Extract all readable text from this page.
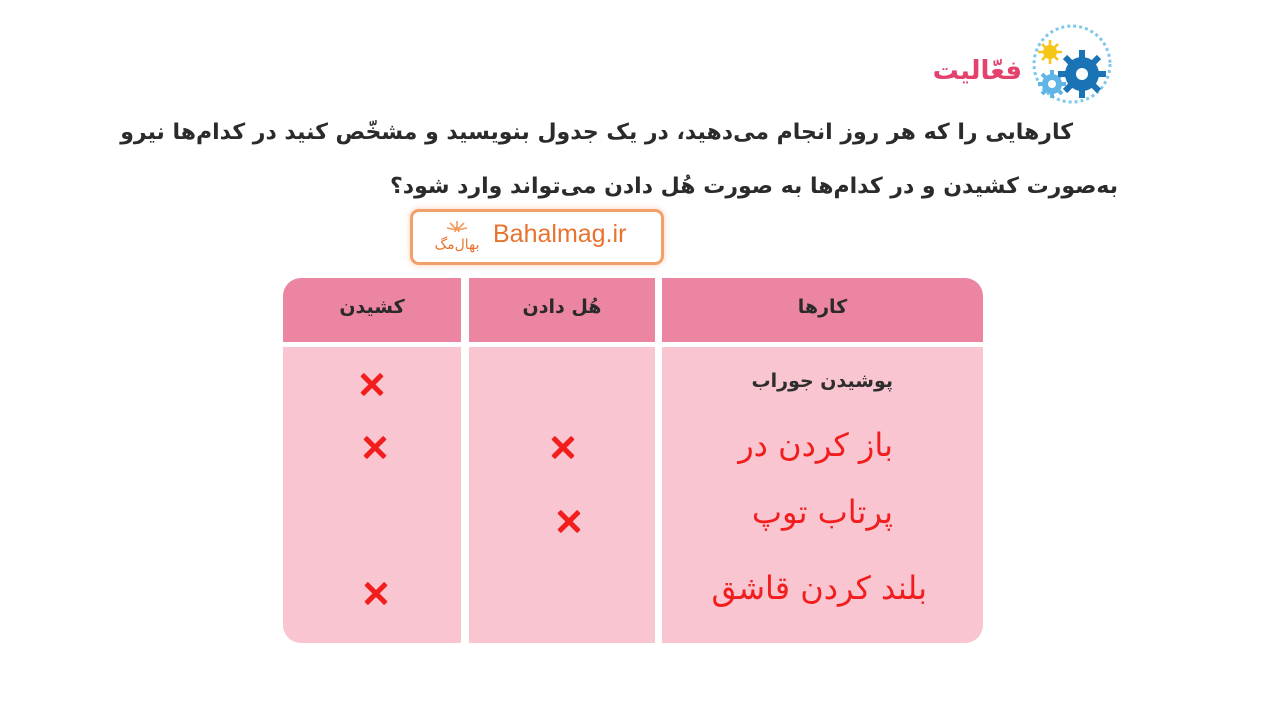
فعّالیت
کارهایی را که هر روز انجام می‌دهید، در یک جدول بنویسید و مشخّص کنید در کدام‌ها نیرو
به‌صورت کشیدن و در کدام‌ها به صورت هُل دادن می‌تواند وارد شود؟
بهال‌مگ Bahalmag.ir
کشیدن	هُل دادن	کارها
پوشیدن جوراب
باز کردن در
پرتاب توپ
بلند کردن قاشق
